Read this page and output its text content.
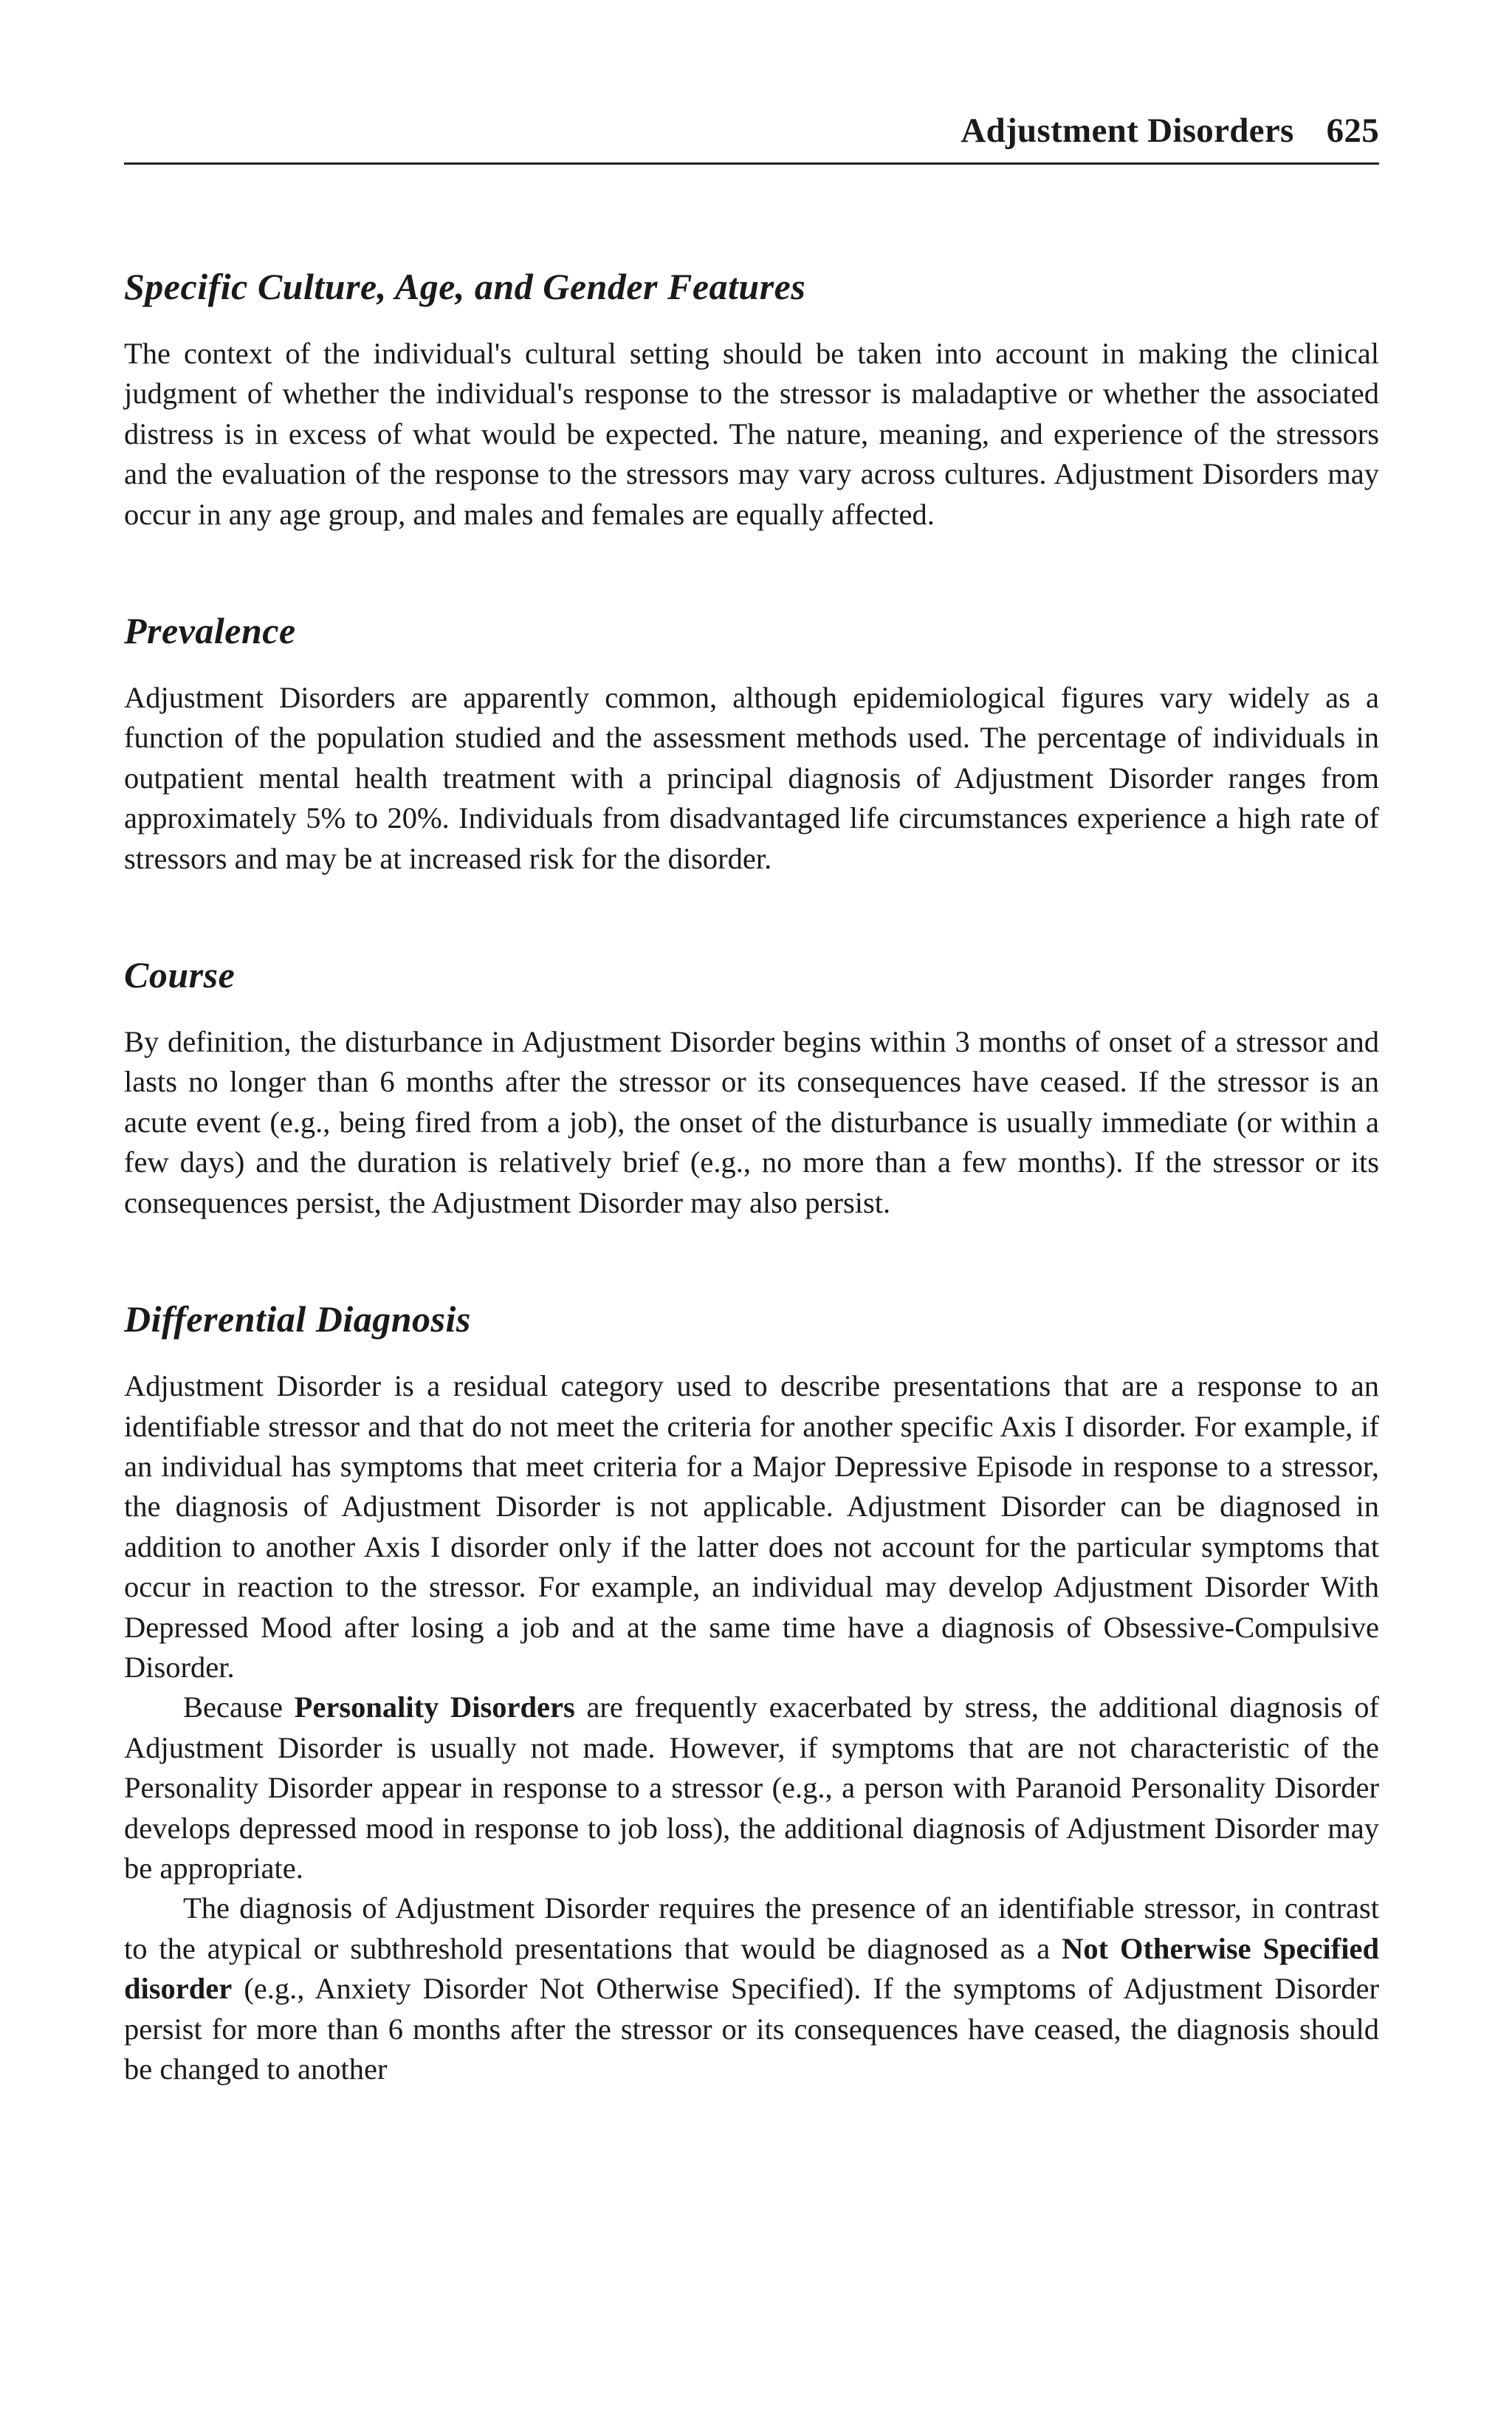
Adjustment Disorders 625
Specific Culture, Age, and Gender Features

The context of the individual's cultural setting should be taken into account in making the clinical judgment of whether the individual's response to the stressor is maladaptive or whether the associated distress is in excess of what would be expected. The nature, meaning, and experience of the stressors and the evaluation of the response to the stressors may vary across cultures. Adjustment Disorders may occur in any age group, and males and females are equally affected.

Prevalence

Adjustment Disorders are apparently common, although epidemiological figures vary widely as a function of the population studied and the assessment methods used. The percentage of individuals in outpatient mental health treatment with a principal diagnosis of Adjustment Disorder ranges from approximately 5% to 20%. Individuals from disadvantaged life circumstances experience a high rate of stressors and may be at increased risk for the disorder.

Course

By definition, the disturbance in Adjustment Disorder begins within 3 months of onset of a stressor and lasts no longer than 6 months after the stressor or its consequences have ceased. If the stressor is an acute event (e.g., being fired from a job), the onset of the disturbance is usually immediate (or within a few days) and the duration is relatively brief (e.g., no more than a few months). If the stressor or its consequences persist, the Adjustment Disorder may also persist.

Differential Diagnosis

Adjustment Disorder is a residual category used to describe presentations that are a response to an identifiable stressor and that do not meet the criteria for another specific Axis I disorder. For example, if an individual has symptoms that meet criteria for a Major Depressive Episode in response to a stressor, the diagnosis of Adjustment Disorder is not applicable. Adjustment Disorder can be diagnosed in addition to another Axis I disorder only if the latter does not account for the particular symptoms that occur in reaction to the stressor. For example, an individual may develop Adjustment Disorder With Depressed Mood after losing a job and at the same time have a diagnosis of Obsessive-Compulsive Disorder.

Because Personality Disorders are frequently exacerbated by stress, the additional diagnosis of Adjustment Disorder is usually not made. However, if symptoms that are not characteristic of the Personality Disorder appear in response to a stressor (e.g., a person with Paranoid Personality Disorder develops depressed mood in response to job loss), the additional diagnosis of Adjustment Disorder may be appropriate.

The diagnosis of Adjustment Disorder requires the presence of an identifiable stressor, in contrast to the atypical or subthreshold presentations that would be diagnosed as a Not Otherwise Specified disorder (e.g., Anxiety Disorder Not Otherwise Specified). If the symptoms of Adjustment Disorder persist for more than 6 months after the stressor or its consequences have ceased, the diagnosis should be changed to another
